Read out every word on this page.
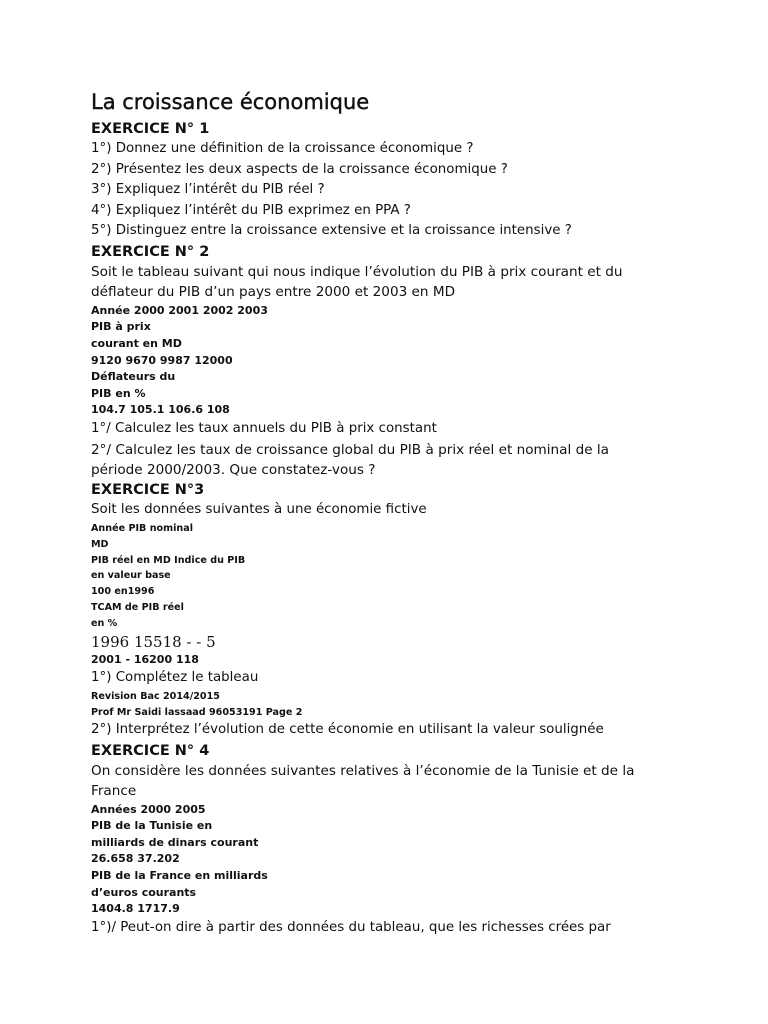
La croissance économique
EXERCICE N° 1
1°) Donnez une définition de la croissance économique ?
2°) Présentez les deux aspects de la croissance économique ?
3°) Expliquez l’intérêt du PIB réel ?
4°) Expliquez l’intérêt du PIB exprimez en PPA ?
5°) Distinguez entre la croissance extensive et la croissance intensive ?
EXERCICE N° 2
Soit le tableau suivant qui nous indique l’évolution du PIB à prix courant et du déflateur du PIB d’un pays entre 2000 et 2003 en MD
Année 2000 2001 2002 2003
PIB à prix
courant en MD
9120 9670 9987 12000
Déflateurs du
PIB en %
104.7 105.1 106.6 108
1°/ Calculez les taux annuels du PIB à prix constant
2°/ Calculez les taux de croissance global du PIB à prix réel et nominal de la période 2000/2003. Que constatez-vous ?
EXERCICE N°3
Soit les données suivantes à une économie fictive
Année PIB nominal
MD
PIB réel en MD Indice du PIB
en valeur base
100 en1996
TCAM de PIB réel
en %
1996 15518 - - 5
2001 - 16200 118
1°) Complétez le tableau
Revision Bac 2014/2015
Prof Mr Saidi lassaad 96053191 Page 2
2°) Interprétez l’évolution de cette économie en utilisant la valeur soulignée
EXERCICE N° 4
On considère les données suivantes relatives à l’économie de la Tunisie et de la France
Années 2000 2005
PIB de la Tunisie en
milliards de dinars courant
26.658 37.202
PIB de la France en milliards
d’euros courants
1404.8 1717.9
1°)/ Peut-on dire à partir des données du tableau, que les richesses crées par
